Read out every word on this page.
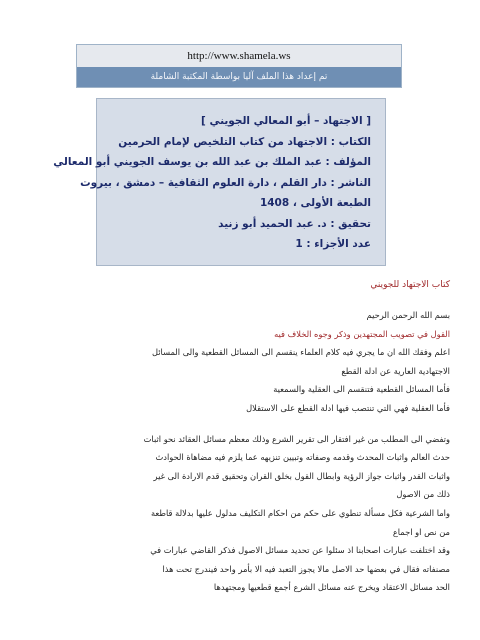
http://www.shamela.ws
تم إعداد هذا الملف آليا بواسطة المكتبة الشاملة
[ الاجتهاد – أبو المعالي الجويني ]
الكتاب : الاجتهاد من كتاب التلخيص لإمام الحرمين
المؤلف : عبد الملك بن عبد الله بن يوسف الجويني أبو المعالي
الناشر : دار القلم ، دارة العلوم الثقافية – دمشق ، بيروت
الطبعة الأولى ، 1408
تحقيق : د. عبد الحميد أبو زنيد
عدد الأجزاء : 1
كتاب الاجتهاد للجويني
بسم الله الرحمن الرحيم
القول في تصويب المجتهدين وذكر وجوه الخلاف فيه
اعلم وفقك الله ان ما يجري فيه كلام العلماء ينقسم الى المسائل القطعية والى المسائل
الاجتهادية العارية عن ادلة القطع
فأما المسائل القطعية فتنقسم الى العقلية والسمعية
فأما العقلية فهي التي تنتصب فيها ادلة القطع على الاستقلال
وتفضي الى المطلب من غير افتقار الى تقرير الشرع وذلك معظم مسائل العقائد نحو اثبات
حدث العالم واثبات المحدث وقدمه وصفاته وتبيين تنزيهه عما يلزم فيه مضاهاة الحوادث
واثبات القدر واثبات جواز الرؤية وابطال القول بخلق القران وتحقيق قدم الارادة الى غير
ذلك من الاصول
واما الشرعية فكل مسألة تنطوي على حكم من احكام التكليف مدلول عليها بدلالة قاطعة
من نص او اجماع
وقد اختلفت عبارات اصحابنا اذ سئلوا عن تحديد مسائل الاصول فذكر القاضي عبارات في
مصنفاته فقال في بعضها حد الاصل مالا يجوز التعبد فيه الا بأمر واحد فيندرج تحت هذا
الحد مسائل الاعتقاد ويخرج عنه مسائل الشرع أجمع قطعيها ومجتهدها
